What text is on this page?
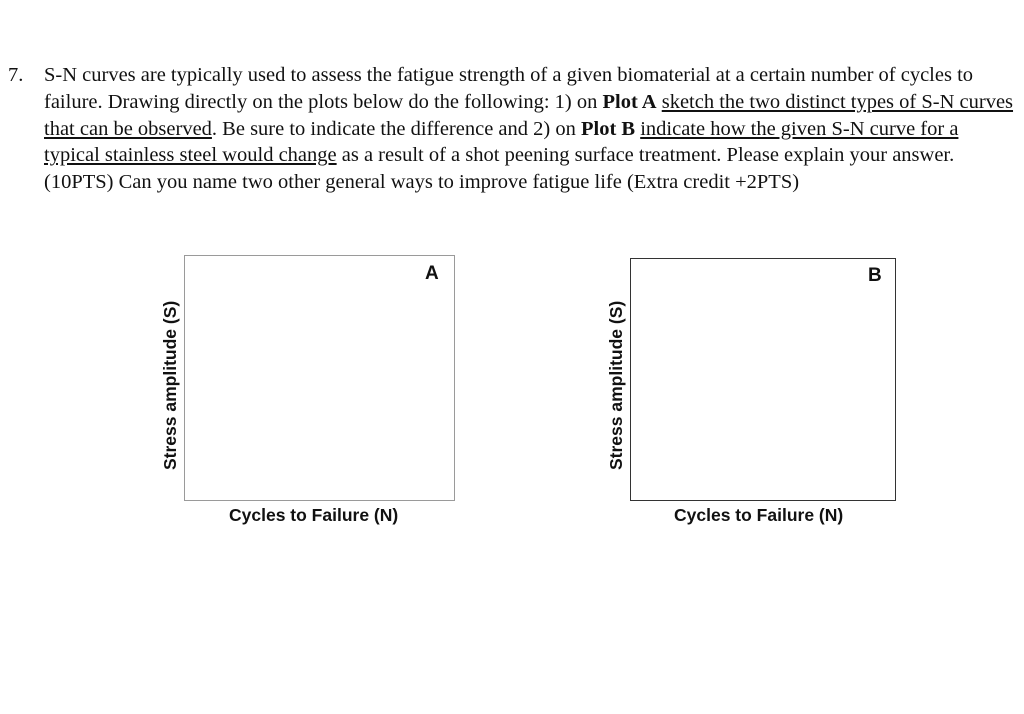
7.	S-N curves are typically used to assess the fatigue strength of a given biomaterial at a certain number of cycles to failure. Drawing directly on the plots below do the following: 1) on Plot A sketch the two distinct types of S-N curves that can be observed. Be sure to indicate the difference and 2) on Plot B indicate how the given S-N curve for a typical stainless steel would change as a result of a shot peening surface treatment. Please explain your answer. (10PTS) Can you name two other general ways to improve fatigue life (Extra credit +2PTS)
A
Stress amplitude (S)
Cycles to Failure (N)
B
Stress amplitude (S)
Cycles to Failure (N)
